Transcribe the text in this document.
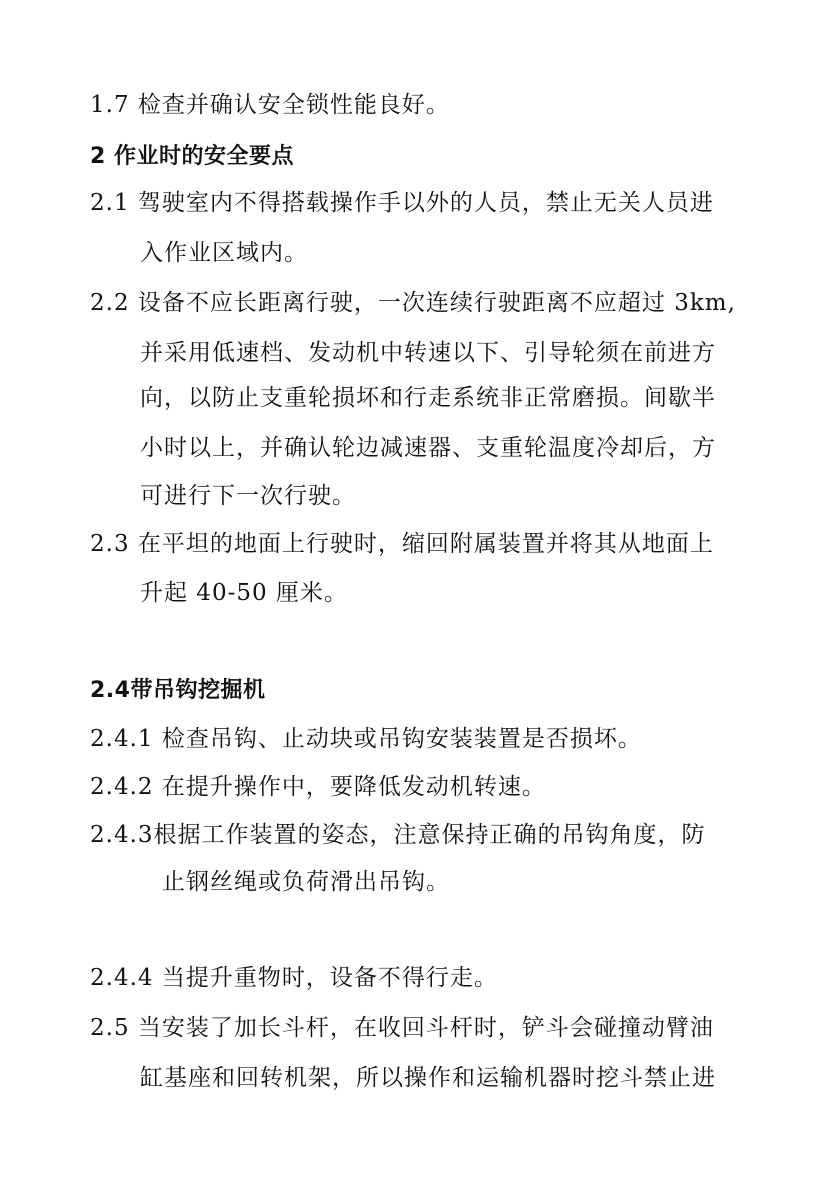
1.7 检查并确认安全锁性能良好。
2 作业时的安全要点
2.1 驾驶室内不得搭载操作手以外的人员，禁止无关人员进
入作业区域内。
2.2 设备不应长距离行驶，一次连续行驶距离不应超过 3km,
并采用低速档、发动机中转速以下、引导轮须在前进方
向，以防止支重轮损坏和行走系统非正常磨损。间歇半
小时以上，并确认轮边减速器、支重轮温度冷却后，方
可进行下一次行驶。
2.3 在平坦的地面上行驶时，缩回附属装置并将其从地面上
升起 40-50 厘米。
2.4带吊钩挖掘机
2.4.1 检查吊钩、止动块或吊钩安装装置是否损坏。
2.4.2 在提升操作中，要降低发动机转速。
2.4.3根据工作装置的姿态，注意保持正确的吊钩角度，防
止钢丝绳或负荷滑出吊钩。
2.4.4 当提升重物时，设备不得行走。
2.5 当安装了加长斗杆，在收回斗杆时，铲斗会碰撞动臂油
缸基座和回转机架，所以操作和运输机器时挖斗禁止进
